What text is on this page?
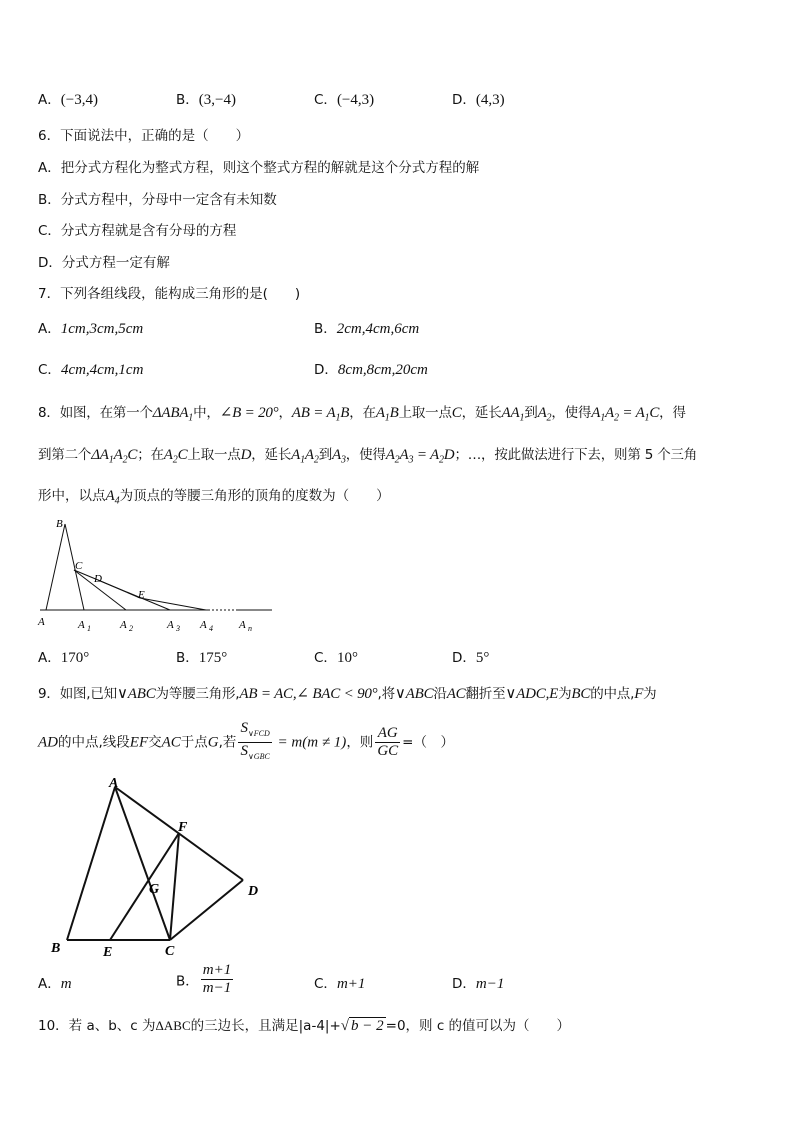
A．(−3,4)	B．(3,−4)	C．(−4,3)	D．(4,3)
6．下面说法中，正确的是（　　）
A．把分式方程化为整式方程，则这个整式方程的解就是这个分式方程的解
B．分式方程中，分母中一定含有未知数
C．分式方程就是含有分母的方程
D．分式方程一定有解
7．下列各组线段，能构成三角形的是(　　)
A．1cm,3cm,5cm	B．2cm,4cm,6cm
C．4cm,4cm,1cm	D．8cm,8cm,20cm
8．如图，在第一个$\Delta ABA_1$中，∠B = 20°，AB = $A_1B$，在$A_1B$上取一点C，延长$AA_1$到$A_2$，使得$A_1A_2 = A_1C$，得
到第二个$\Delta A_1A_2C$；在$A_2C$上取一点D，延长$A_1A_2$到$A_3$，使得$A_2A_3 = A_2D$；…，按此做法进行下去，则第 5 个三角
形中，以点$A_4$为顶点的等腰三角形的顶角的度数为（　　）
B
C
D
E
A	A 1	A 2	A 3 A 4 A n
A．170°	B．175°	C．10°	D．5°
9．如图,已知∨ABC为等腰三角形,AB = AC,∠ BAC < 90°,将∨ABC沿AC翻折至∨ADC,E为BC的中点,F为
AD的中点,线段EF交AC于点G,若 $\frac{S_{\vee FCD}}{S_{\vee GBC}} = m(m \ne 1)$，则 $\frac{AG}{GC}$ =（　）
A
F
G	D
B	E	C
A．m	B． $\frac{m+1}{m-1}$	C．m+1	D．m−1
10．若 a、b、c 为ΔABC的三边长，且满足|a-4|+√ b − 2 =0，则 c 的值可以为（　　）
